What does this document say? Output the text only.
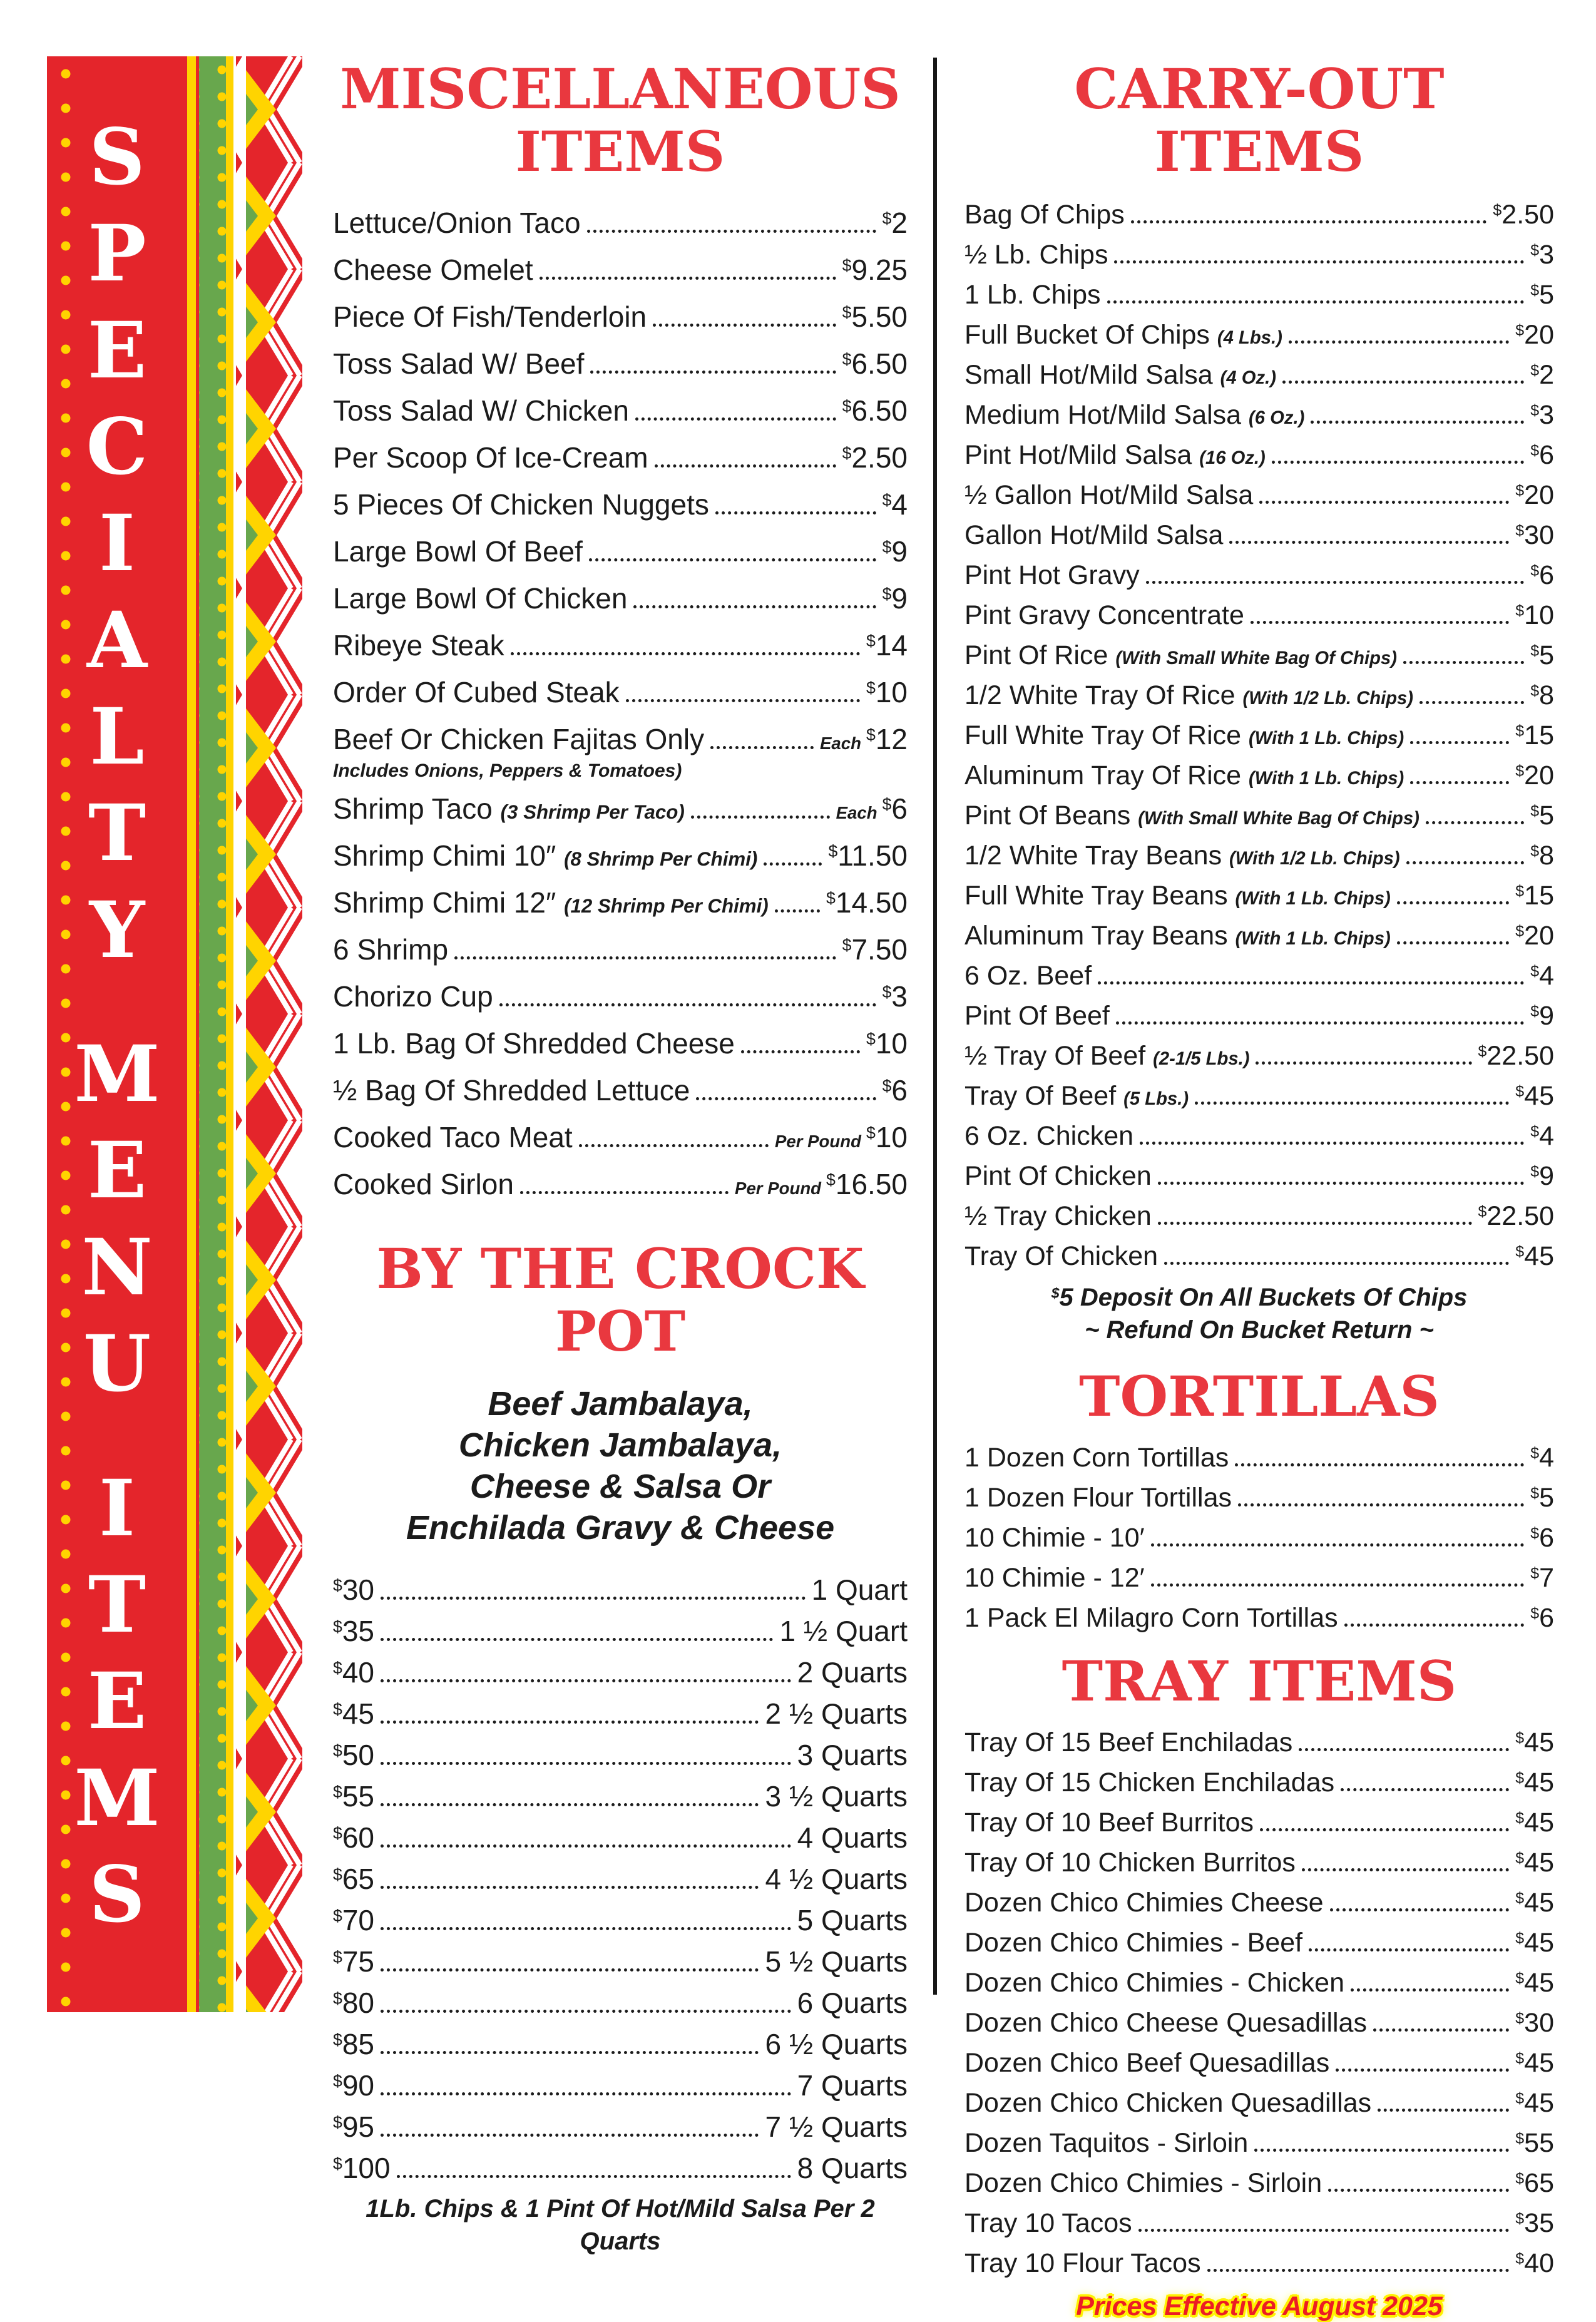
S
P
E
C
I
A
L
T
Y
M
E
N
U
I
T
E
M
S
MISCELLANEOUS
ITEMS
Lettuce/Onion Taco	$2
Cheese Omelet	$9.25
Piece Of Fish/Tenderloin	$5.50
Toss Salad W/ Beef	$6.50
Toss Salad W/ Chicken	$6.50
Per Scoop Of Ice-Cream	$2.50
5 Pieces Of Chicken Nuggets	$4
Large Bowl Of Beef	$9
Large Bowl Of Chicken	$9
Ribeye Steak	$14
Order Of Cubed Steak	$10
Beef Or Chicken Fajitas Only	Each $12
Includes Onions, Peppers & Tomatoes)
Shrimp Taco (3 Shrimp Per Taco)	Each $6
Shrimp Chimi 10″ (8 Shrimp Per Chimi)	$11.50
Shrimp Chimi 12″ (12 Shrimp Per Chimi)	$14.50
6 Shrimp	$7.50
Chorizo Cup	$3
1 Lb. Bag Of Shredded Cheese	$10
½ Bag Of Shredded Lettuce	$6
Cooked Taco Meat	Per Pound $10
Cooked Sirlon	Per Pound $16.50
BY THE CROCK POT
Beef Jambalaya,
Chicken Jambalaya,
Cheese & Salsa Or
Enchilada Gravy & Cheese
$30	1 Quart
$35	1 ½ Quart
$40	2 Quarts
$45	2 ½ Quarts
$50	3 Quarts
$55	3 ½ Quarts
$60	4 Quarts
$65	4 ½ Quarts
$70	5 Quarts
$75	5 ½ Quarts
$80	6 Quarts
$85	6 ½ Quarts
$90	7 Quarts
$95	7 ½ Quarts
$100	8 Quarts
1Lb. Chips & 1 Pint Of Hot/Mild Salsa Per 2 Quarts
CARRY-OUT ITEMS
Bag Of Chips	$2.50
½ Lb. Chips	$3
1 Lb. Chips	$5
Full Bucket Of Chips (4 Lbs.)	$20
Small Hot/Mild Salsa (4 Oz.)	$2
Medium Hot/Mild Salsa (6 Oz.)	$3
Pint Hot/Mild Salsa (16 Oz.)	$6
½ Gallon Hot/Mild Salsa	$20
Gallon Hot/Mild Salsa	$30
Pint Hot Gravy	$6
Pint Gravy Concentrate	$10
Pint Of Rice (With Small White Bag Of Chips)	$5
1/2 White Tray Of Rice (With 1/2 Lb. Chips)	$8
Full White Tray Of Rice (With 1 Lb. Chips)	$15
Aluminum Tray Of Rice (With 1 Lb. Chips)	$20
Pint Of Beans (With Small White Bag Of Chips)	$5
1/2 White Tray Beans (With 1/2 Lb. Chips)	$8
Full White Tray Beans (With 1 Lb. Chips)	$15
Aluminum Tray Beans (With 1 Lb. Chips)	$20
6 Oz. Beef	$4
Pint Of Beef	$9
½ Tray Of Beef (2-1/5 Lbs.)	$22.50
Tray Of Beef (5 Lbs.)	$45
6 Oz. Chicken	$4
Pint Of Chicken	$9
½ Tray Chicken	$22.50
Tray Of Chicken	$45
$5 Deposit On All Buckets Of Chips
~ Refund On Bucket Return ~
TORTILLAS
1 Dozen Corn Tortillas	$4
1 Dozen Flour Tortillas	$5
10 Chimie - 10′	$6
10 Chimie - 12′	$7
1 Pack El Milagro Corn Tortillas	$6
TRAY ITEMS
Tray Of 15 Beef Enchiladas	$45
Tray Of 15 Chicken Enchiladas	$45
Tray Of 10 Beef Burritos	$45
Tray Of 10 Chicken Burritos	$45
Dozen Chico Chimies Cheese	$45
Dozen Chico Chimies - Beef	$45
Dozen Chico Chimies - Chicken	$45
Dozen Chico Cheese Quesadillas	$30
Dozen Chico Beef Quesadillas	$45
Dozen Chico Chicken Quesadillas	$45
Dozen Taquitos - Sirloin	$55
Dozen Chico Chimies - Sirloin	$65
Tray 10 Tacos	$35
Tray 10 Flour Tacos	$40
Prices Effective August 2025
